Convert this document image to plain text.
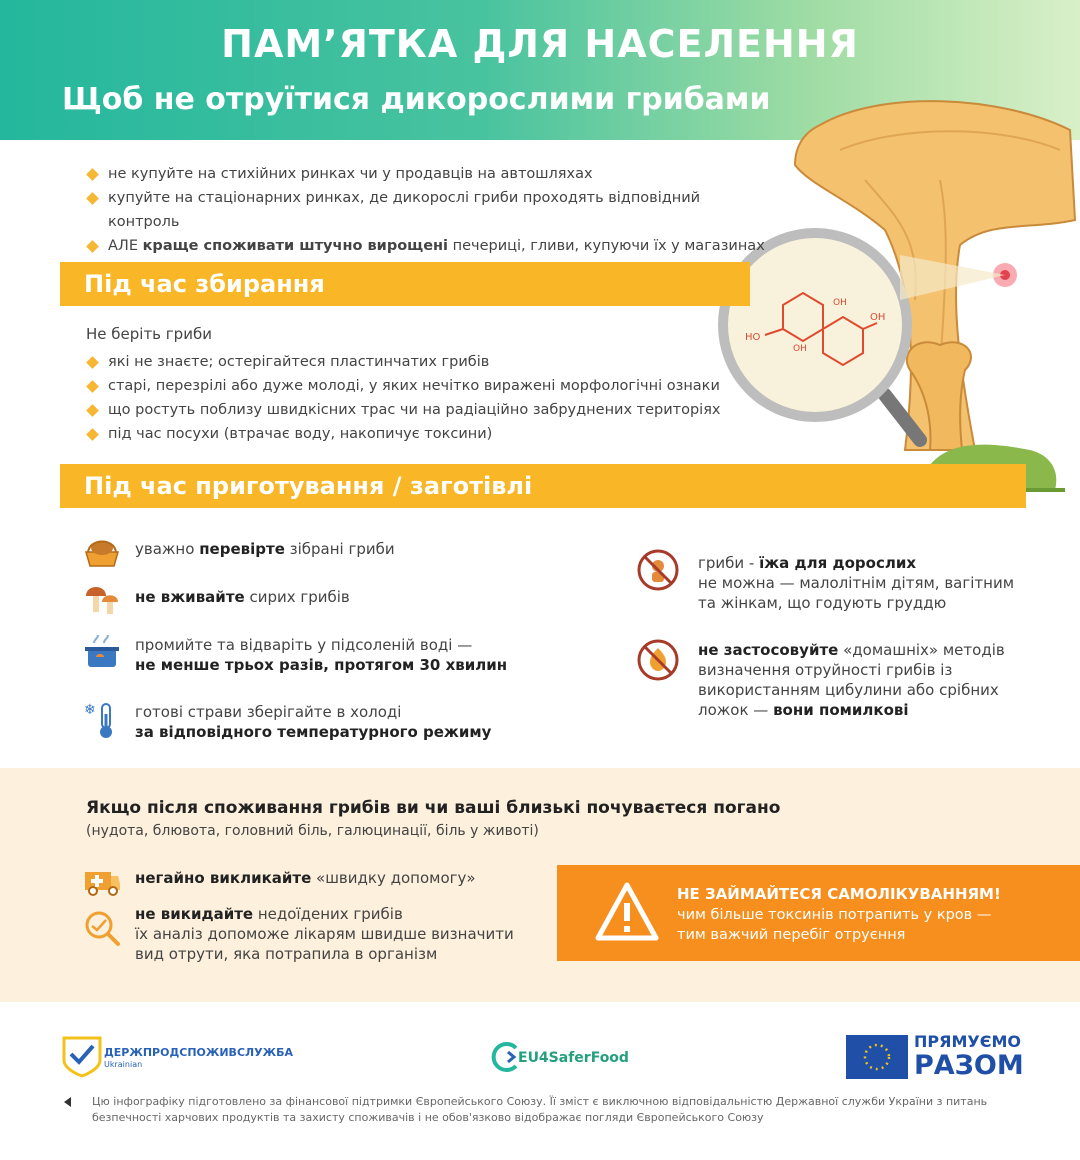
ПАМ’ЯТКА ДЛЯ НАСЕЛЕННЯ
Щоб не отруїтися дикорослими грибами
HO
OH
OH
OH
не купуйте на стихійних ринках чи у продавців на автошляхах
купуйте на стаціонарних ринках, де дикорослі гриби проходять відповідний контроль
АЛЕ краще споживати штучно вирощені печериці, гливи, купуючи їх у магазинах
Під час збирання
Не беріть гриби
які не знаєте; остерігайтеся пластинчатих грибів
старі, перезрілі або дуже молоді, у яких нечітко виражені морфологічні ознаки
що ростуть поблизу швидкісних трас чи на радіаційно забруднених територіях
під час посухи (втрачає воду, накопичує токсини)
Під час приготування / заготівлі
уважно перевірте зібрані гриби
не вживайте сирих грибів
промийте та відваріть у підсоленій воді —
не менше трьох разів, протягом 30 хвилин
❄	готові страви зберігайте в холоді
за відповідного температурного режиму
гриби - їжа для дорослих
не можна — малолітнім дітям, вагітним
та жінкам, що годують груддю
не застосовуйте «домашніх» методів
визначення отруйності грибів із
використанням цибулини або срібних
ложок — вони помилкові
Якщо після споживання грибів ви чи ваші близькі почуваєтеся погано
(нудота, блювота, головний біль, галюцинації, біль у животі)
негайно викликайте «швидку допомогу»
не викидайте недоїдених грибів
їх аналіз допоможе лікарям швидше визначити
вид отрути, яка потрапила в організм
НЕ ЗАЙМАЙТЕСЯ САМОЛІКУВАННЯМ!
чим більше токсинів потрапить у кров —
тим важчий перебіг отруєння
ДЕРЖПРОДСПОЖИВСЛУЖБА
Ukrainian	EU4SaferFood
ПРЯМУЄМО
РАЗОМ
Цю інфографіку підготовлено за фінансової підтримки Європейського Союзу. Її зміст є виключною відповідальністю Державної служби України з питань безпечності харчових продуктів та захисту споживачів і не обов'язково відображає погляди Європейського Союзу
